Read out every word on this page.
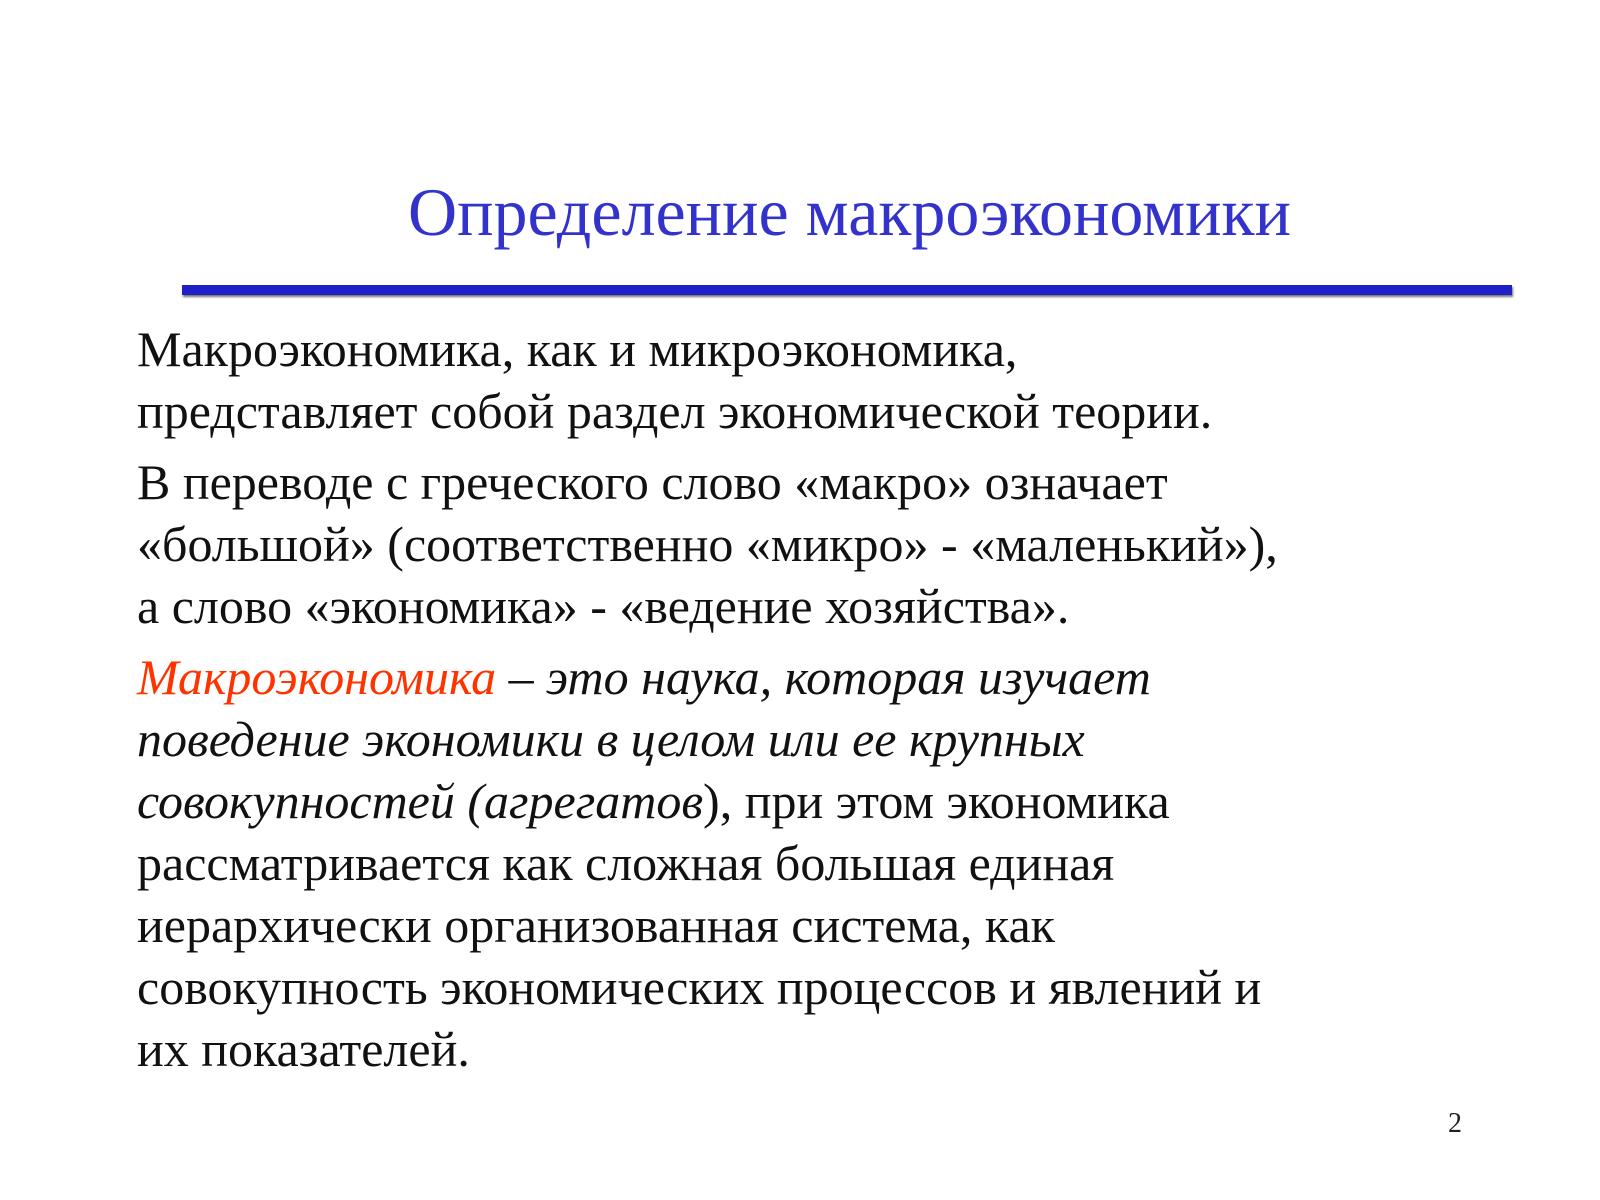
Определение макроэкономики
Макроэкономика, как и микроэкономика,
представляет собой раздел экономической теории.
В переводе с греческого слово «макро» означает
«большой» (соответственно «микро» - «маленький»),
а слово «экономика» - «ведение хозяйства».
Макроэкономика – это наука, которая изучает
поведение экономики в целом или ее крупных
совокупностей (агрегатов), при этом экономика
рассматривается как сложная большая единая
иерархически организованная система, как
совокупность экономических процессов и явлений и
их показателей.
2
